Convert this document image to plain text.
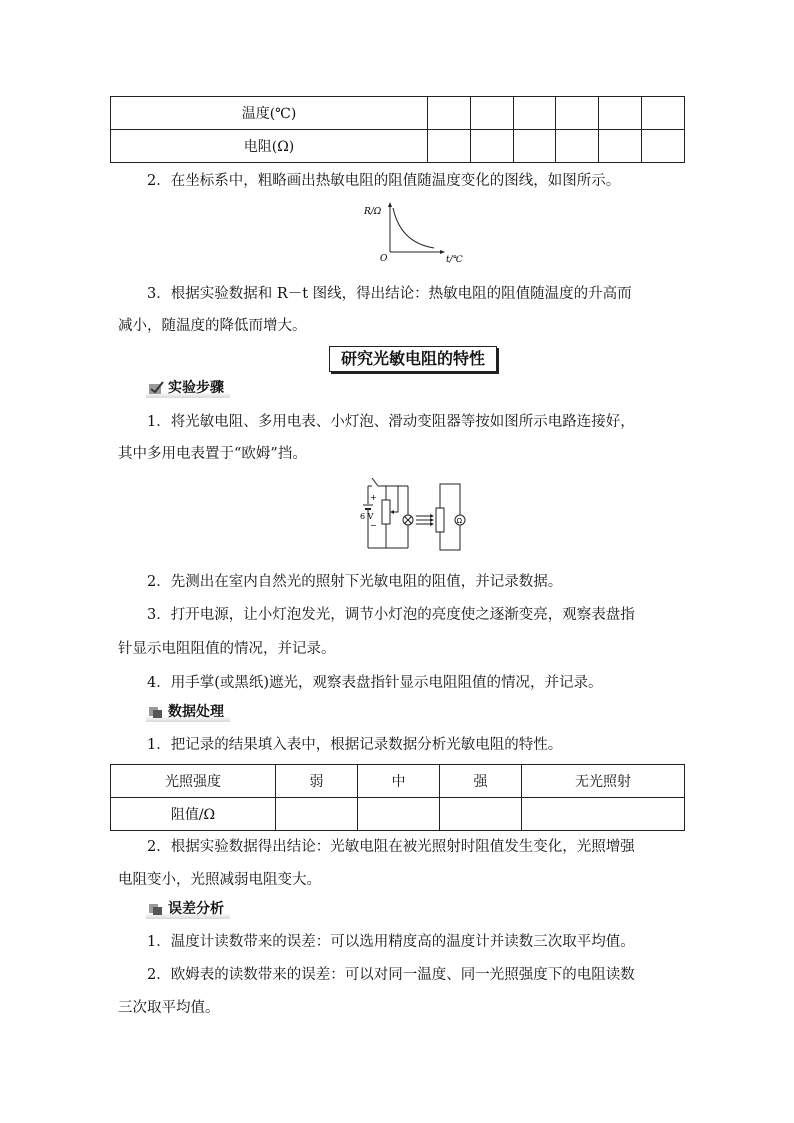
温度(℃)						
电阻(Ω)						
2．在坐标系中，粗略画出热敏电阻的阻值随温度变化的图线，如图所示。
R/Ω
O	t/℃
3．根据实验数据和 R－t 图线，得出结论：热敏电阻的阻值随温度的升高而
减小，随温度的降低而增大。
研究光敏电阻的特性
实验步骤
1．将光敏电阻、多用电表、小灯泡、滑动变阻器等按如图所示电路连接好，
其中多用电表置于“欧姆”挡。
+
6 V
−	Ω
2．先测出在室内自然光的照射下光敏电阻的阻值，并记录数据。
3．打开电源，让小灯泡发光，调节小灯泡的亮度使之逐渐变亮，观察表盘指
针显示电阻阻值的情况，并记录。
4．用手掌(或黑纸)遮光，观察表盘指针显示电阻阻值的情况，并记录。
数据处理
1．把记录的结果填入表中，根据记录数据分析光敏电阻的特性。
光照强度	弱	中	强	无光照射
阻值/Ω				
2．根据实验数据得出结论：光敏电阻在被光照射时阻值发生变化，光照增强
电阻变小，光照减弱电阻变大。
误差分析
1．温度计读数带来的误差：可以选用精度高的温度计并读数三次取平均值。
2．欧姆表的读数带来的误差：可以对同一温度、同一光照强度下的电阻读数
三次取平均值。
